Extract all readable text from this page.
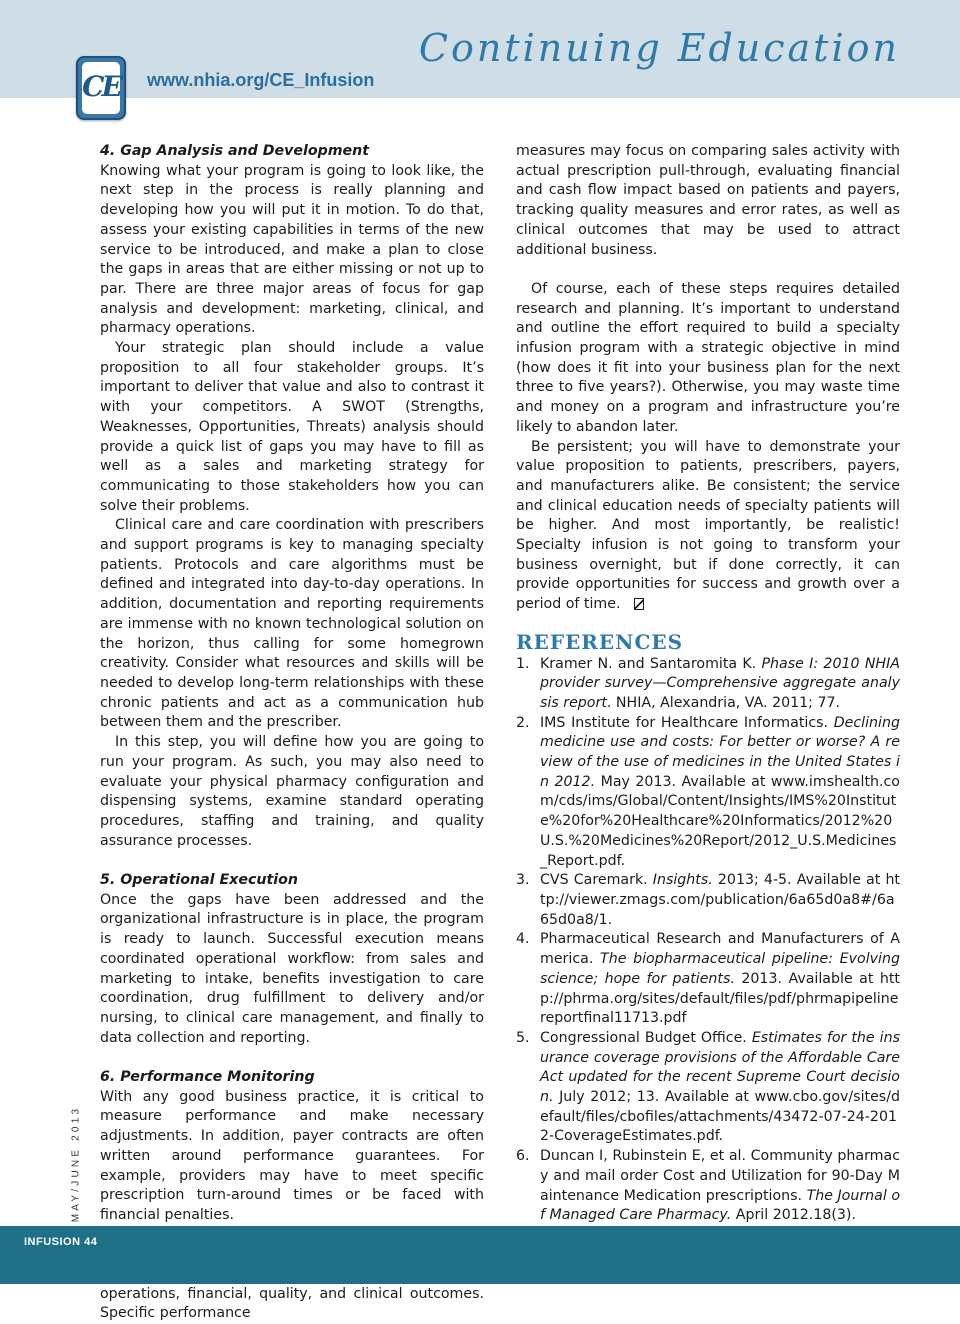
CE www.nhia.org/CE_Infusion
Continuing Education
4. Gap Analysis and Development

Knowing what your program is going to look like, the next step in the process is really planning and developing how you will put it in motion. To do that, assess your existing capabilities in terms of the new service to be introduced, and make a plan to close the gaps in areas that are either missing or not up to par. There are three major areas of focus for gap analysis and development: marketing, clinical, and pharmacy operations.

Your strategic plan should include a value proposition to all four stakeholder groups. It’s important to deliver that value and also to contrast it with your competitors. A SWOT (Strengths, Weaknesses, Opportunities, Threats) analysis should provide a quick list of gaps you may have to fill as well as a sales and marketing strategy for communicating to those stakeholders how you can solve their problems.

Clinical care and care coordination with prescribers and support programs is key to managing specialty patients. Protocols and care algorithms must be defined and integrated into day-to-day operations. In addition, documentation and reporting requirements are immense with no known technological solution on the horizon, thus calling for some homegrown creativity. Consider what resources and skills will be needed to develop long-term relationships with these chronic patients and act as a communication hub between them and the prescriber.

In this step, you will define how you are going to run your program. As such, you may also need to evaluate your physical pharmacy configuration and dispensing systems, examine standard operating procedures, staffing and training, and quality assurance processes.

5. Operational Execution

Once the gaps have been addressed and the organizational infrastructure is in place, the program is ready to launch. Successful execution means coordinated operational workflow: from sales and marketing to intake, benefits investigation to care coordination, drug fulfillment to delivery and/or nursing, to clinical care management, and finally to data collection and reporting.

6. Performance Monitoring

With any good business practice, it is critical to measure performance and make necessary adjustments. In addition, payer contracts are often written around performance guarantees. For example, providers may have to meet specific prescription turn-around times or be faced with financial penalties.

operations, financial, quality, and clinical outcomes. Specific performance

measures may focus on comparing sales activity with actual prescription pull-through, evaluating financial and cash flow impact based on patients and payers, tracking quality measures and error rates, as well as clinical outcomes that may be used to attract additional business.

Of course, each of these steps requires detailed research and planning. It’s important to understand and outline the effort required to build a specialty infusion program with a strategic objective in mind (how does it fit into your business plan for the next three to five years?). Otherwise, you may waste time and money on a program and infrastructure you’re likely to abandon later.

Be persistent; you will have to demonstrate your value proposition to patients, prescribers, payers, and manufacturers alike. Be consistent; the service and clinical education needs of specialty patients will be higher. And most importantly, be realistic! Specialty infusion is not going to transform your business overnight, but if done correctly, it can provide opportunities for success and growth over a period of time.

REFERENCES
1. Kramer N. and Santaromita K. Phase I: 2010 NHIA provider survey—Comprehensive aggregate analysis report. NHIA, Alexandria, VA. 2011; 77.
2. IMS Institute for Healthcare Informatics. Declining medicine use and costs: For better or worse? A review of the use of medicines in the United States in 2012. May 2013. Available at www.imshealth.com/cds/ims/Global/Content/Insights/IMS%20Institute%20for%20Healthcare%20Informatics/2012%20U.S.%20Medicines%20Report/2012_U.S.Medicines_Report.pdf.
3. CVS Caremark. Insights. 2013; 4-5. Available at http://viewer.zmags.com/publication/6a65d0a8#/6a65d0a8/1.
4. Pharmaceutical Research and Manufacturers of America. The biopharmaceutical pipeline: Evolving science; hope for patients. 2013. Available at http://phrma.org/sites/default/files/pdf/phrmapipelinereportfinal11713.pdf
5. Congressional Budget Office. Estimates for the insurance coverage provisions of the Affordable Care Act updated for the recent Supreme Court decision. July 2012; 13. Available at www.cbo.gov/sites/default/files/cbofiles/attachments/43472-07-24-2012-CoverageEstimates.pdf.
6. Duncan I, Rubinstein E, et al. Community pharmacy and mail order Cost and Utilization for 90-Day Maintenance Medication prescriptions. The Journal of Managed Care Pharmacy. April 2012.18(3).
MAY/JUNE 2013
INFUSION 44
